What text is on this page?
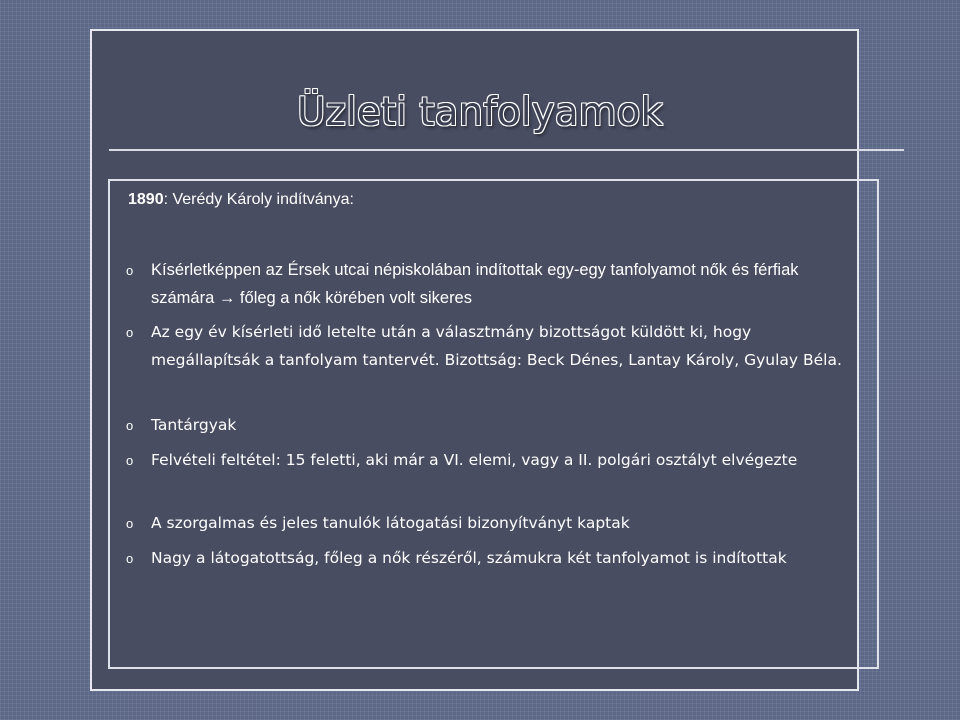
Üzleti tanfolyamok

1890: Verédy Károly indítványa:

o Kísérletképpen az Érsek utcai népiskolában indítottak egy-egy tanfolyamot nők és férfiak számára → főleg a nők körében volt sikeres
o Az egy év kísérleti idő letelte után a választmány bizottságot küldött ki, hogy megállapítsák a tanfolyam tantervét. Bizottság: Beck Dénes, Lantay Károly, Gyulay Béla.
o Tantárgyak
o Felvételi feltétel: 15 feletti, aki már a VI. elemi, vagy a II. polgári osztályt elvégezte
o A szorgalmas és jeles tanulók látogatási bizonyítványt kaptak
o Nagy a látogatottság, főleg a nők részéről, számukra két tanfolyamot is indítottak
